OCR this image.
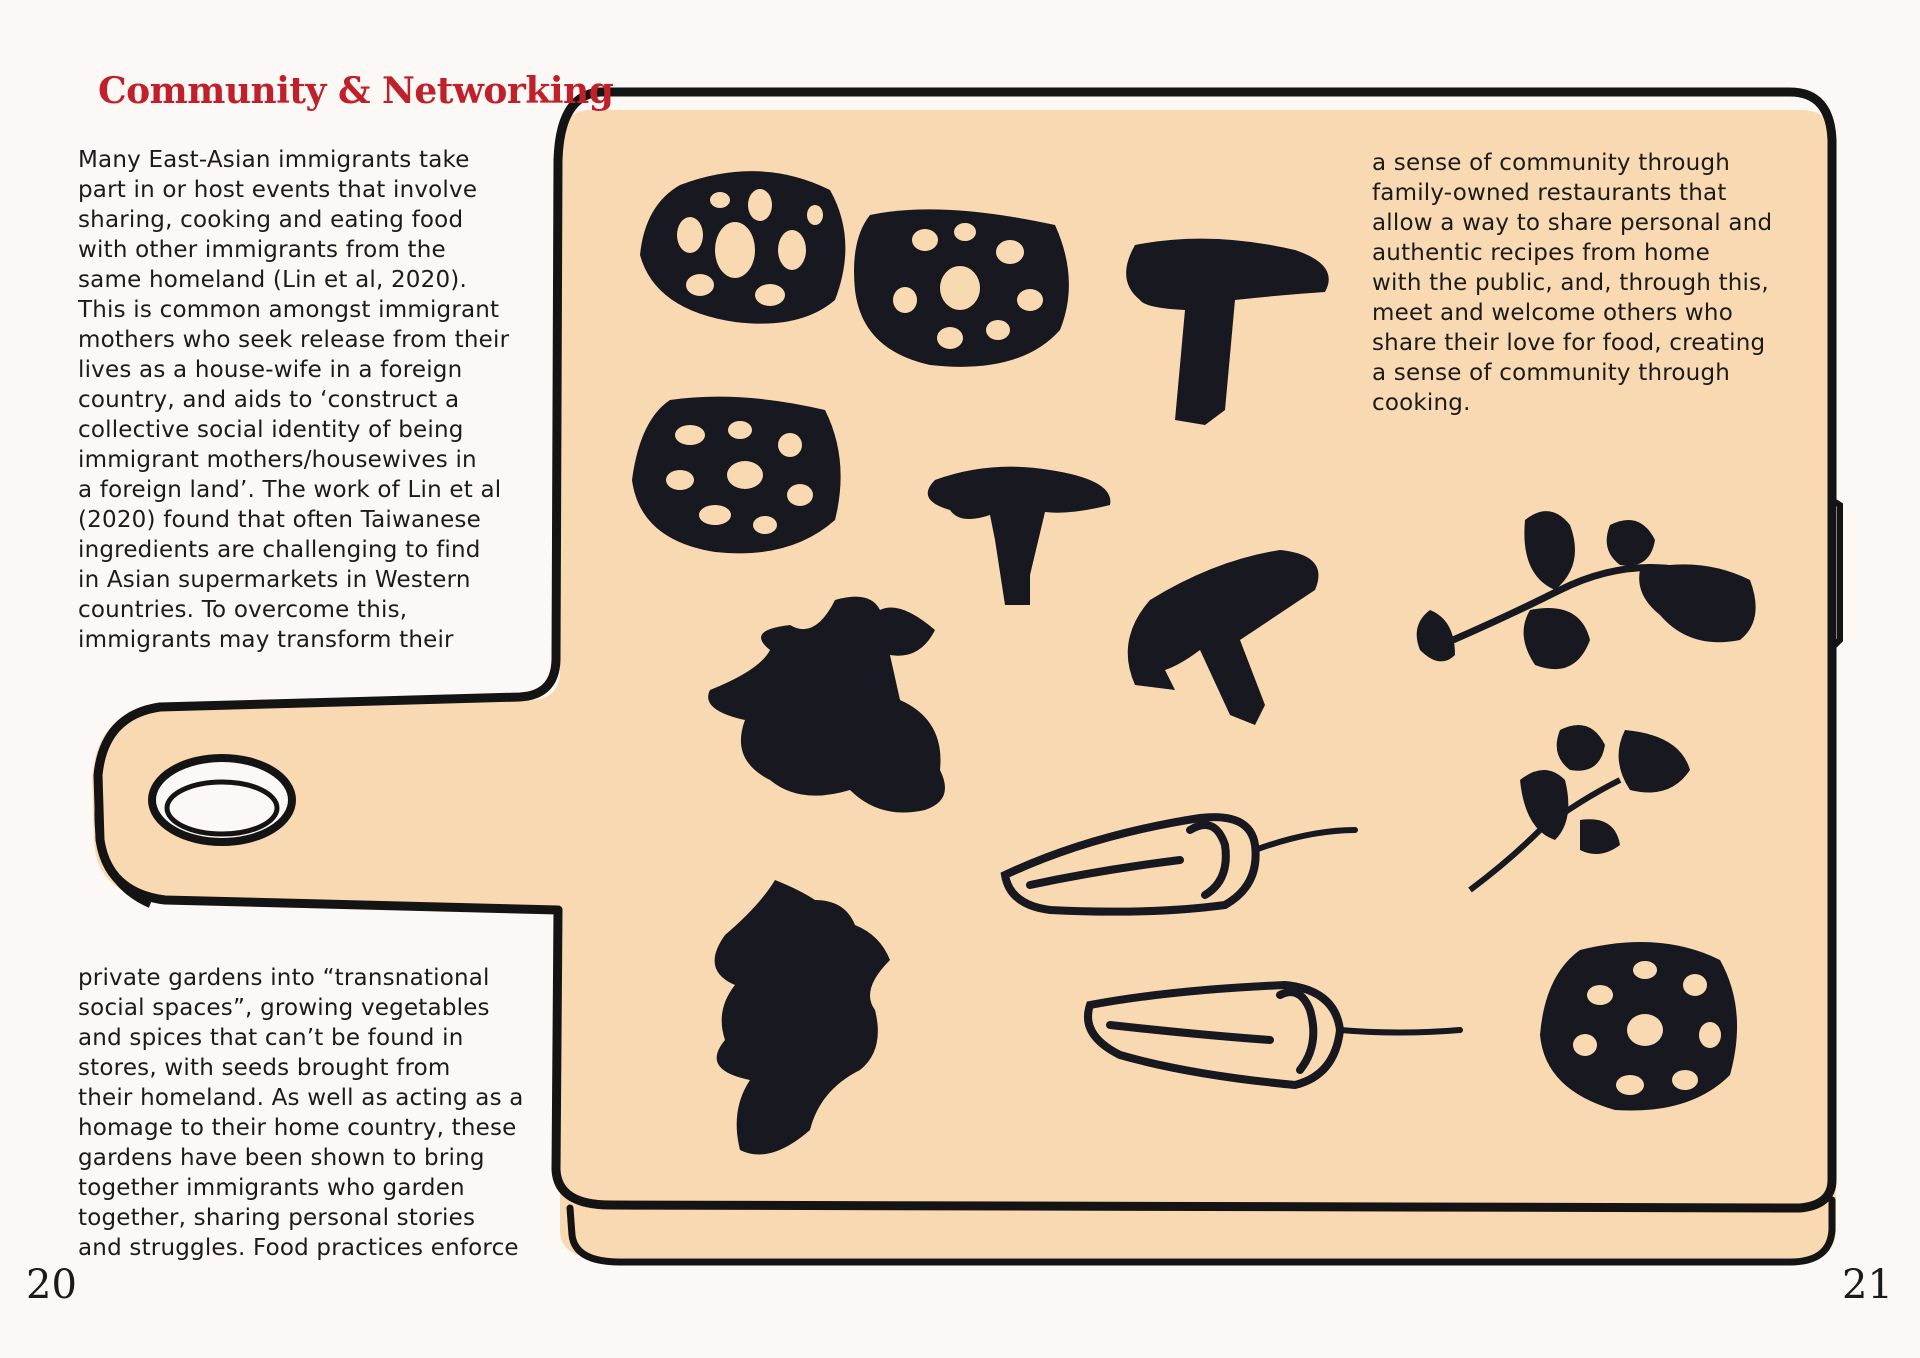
Community & Networking
Many East-Asian immigrants take
part in or host events that involve
sharing, cooking and eating food
with other immigrants from the
same homeland (Lin et al, 2020).
This is common amongst immigrant
mothers who seek release from their
lives as a house-wife in a foreign
country, and aids to ‘construct a
collective social identity of being
immigrant mothers/housewives in
a foreign land’. The work of Lin et al
(2020) found that often Taiwanese
ingredients are challenging to find
in Asian supermarkets in Western
countries. To overcome this,
immigrants may transform their
private gardens into “transnational
social spaces”, growing vegetables
and spices that can’t be found in
stores, with seeds brought from
their homeland. As well as acting as a
homage to their home country, these
gardens have been shown to bring
together immigrants who garden
together, sharing personal stories
and struggles. Food practices enforce
a sense of community through
family-owned restaurants that
allow a way to share personal and
authentic recipes from home
with the public, and, through this,
meet and welcome others who
share their love for food, creating
a sense of community through
cooking.
20	21
